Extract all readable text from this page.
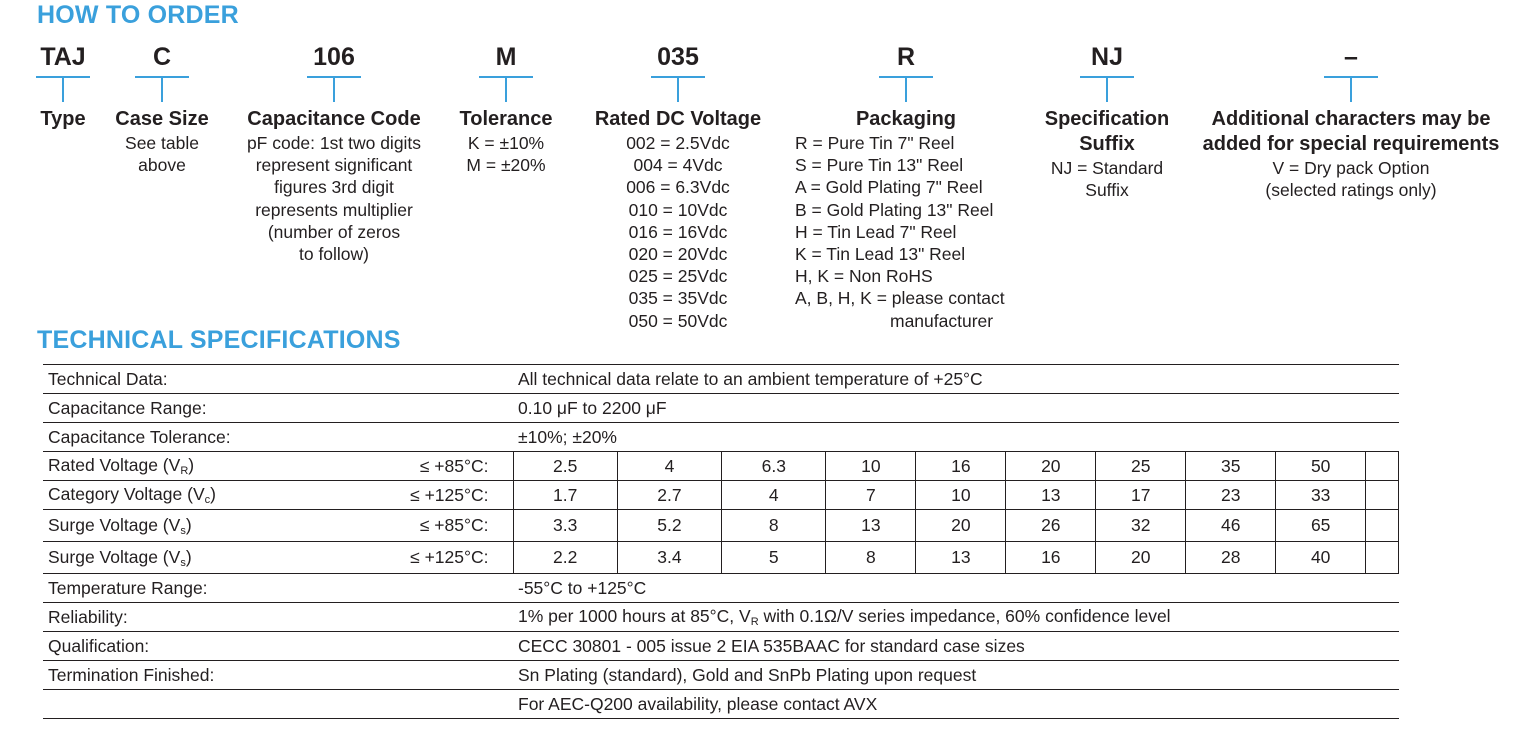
HOW TO ORDER
TAJ
Type
C
Case Size
See table
above
106
Capacitance Code
pF code: 1st two digits
represent significant
figures 3rd digit
represents multiplier
(number of zeros
to follow)
M
Tolerance
K = ±10%
M = ±20%
035
Rated DC Voltage
002 = 2.5Vdc
004 = 4Vdc
006 = 6.3Vdc
010 = 10Vdc
016 = 16Vdc
020 = 20Vdc
025 = 25Vdc
035 = 35Vdc
050 = 50Vdc
R
Packaging
R = Pure Tin 7" Reel
S = Pure Tin 13" Reel
A = Gold Plating 7" Reel
B = Gold Plating 13" Reel
H = Tin Lead 7" Reel
K = Tin Lead 13" Reel
H, K = Non RoHS
A, B, H, K = please contact
manufacturer
NJ
Specification
Suffix
NJ = Standard
Suffix
–
Additional characters may be
added for special requirements
V = Dry pack Option
(selected ratings only)
TECHNICAL SPECIFICATIONS
Technical Data:		All technical data relate to an ambient temperature of +25°C									
Capacitance Range:		0.10 μF to 2200 μF									
Capacitance Tolerance:		±10%; ±20%									
Rated Voltage $(V_R)$	≤ +85°C:	2.5	4	6.3	10	16	20	25	35	50	
Category Voltage $(V_c)$	≤ +125°C:	1.7	2.7	4	7	10	13	17	23	33	
Surge Voltage $(V_s)$	≤ +85°C:	3.3	5.2	8	13	20	26	32	46	65	
Surge Voltage $(V_s)$	≤ +125°C:	2.2	3.4	5	8	13	16	20	28	40	
Temperature Range:		-55°C to +125°C									
Reliability:		1% per 1000 hours at 85°C, $V_R$ with 0.1Ω/V series impedance, 60% confidence level									
Qualification:		CECC 30801 - 005 issue 2 EIA 535BAAC for standard case sizes									
Termination Finished:		Sn Plating (standard), Gold and SnPb Plating upon request									
		For AEC-Q200 availability, please contact AVX									
